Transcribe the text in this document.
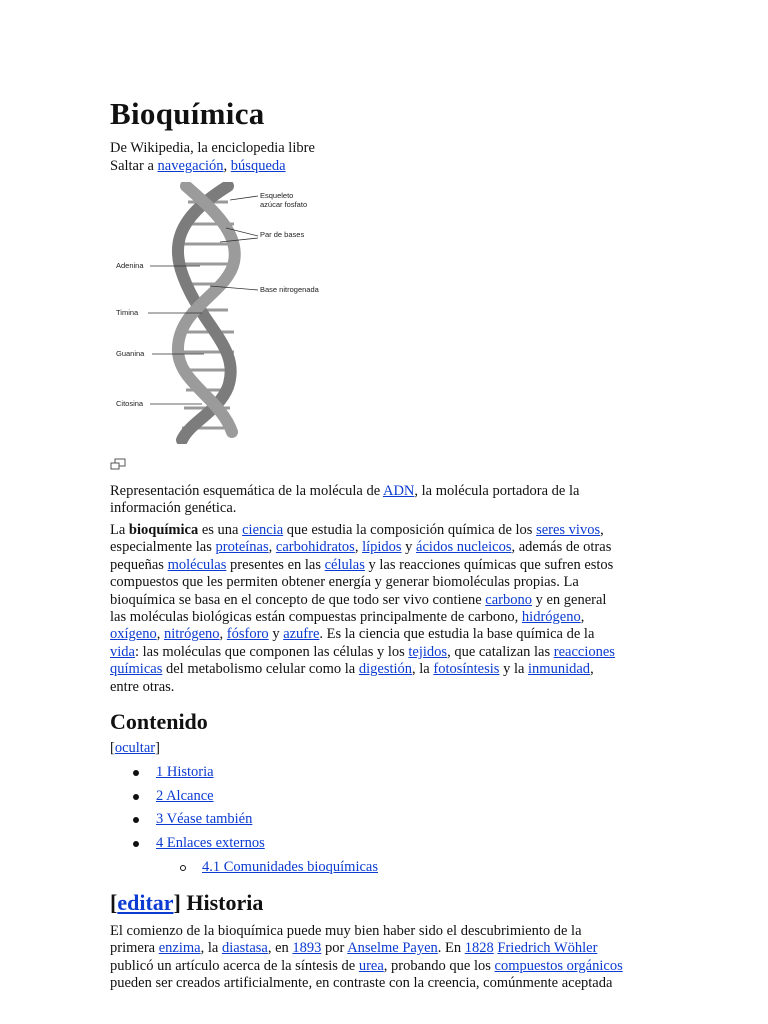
Bioquímica
De Wikipedia, la enciclopedia libre
Saltar a navegación, búsqueda
Esqueleto
azúcar fosfato
Par de bases
Base nitrogenada
Adenina
Timina
Guanina
Citosina
Representación esquemática de la molécula de ADN, la molécula portadora de la
información genética.
La bioquímica es una ciencia que estudia la composición química de los seres vivos,
especialmente las proteínas, carbohidratos, lípidos y ácidos nucleicos, además de otras
pequeñas moléculas presentes en las células y las reacciones químicas que sufren estos
compuestos que les permiten obtener energía y generar biomoléculas propias. La
bioquímica se basa en el concepto de que todo ser vivo contiene carbono y en general
las moléculas biológicas están compuestas principalmente de carbono, hidrógeno,
oxígeno, nitrógeno, fósforo y azufre. Es la ciencia que estudia la base química de la
vida: las moléculas que componen las células y los tejidos, que catalizan las reacciones
químicas del metabolismo celular como la digestión, la fotosíntesis y la inmunidad,
entre otras.
Contenido
[ocultar]
1 Historia
2 Alcance
3 Véase también
4 Enlaces externos
4.1 Comunidades bioquímicas
[editar] Historia
El comienzo de la bioquímica puede muy bien haber sido el descubrimiento de la
primera enzima, la diastasa, en 1893 por Anselme Payen. En 1828 Friedrich Wöhler
publicó un artículo acerca de la síntesis de urea, probando que los compuestos orgánicos
pueden ser creados artificialmente, en contraste con la creencia, comúnmente aceptada
